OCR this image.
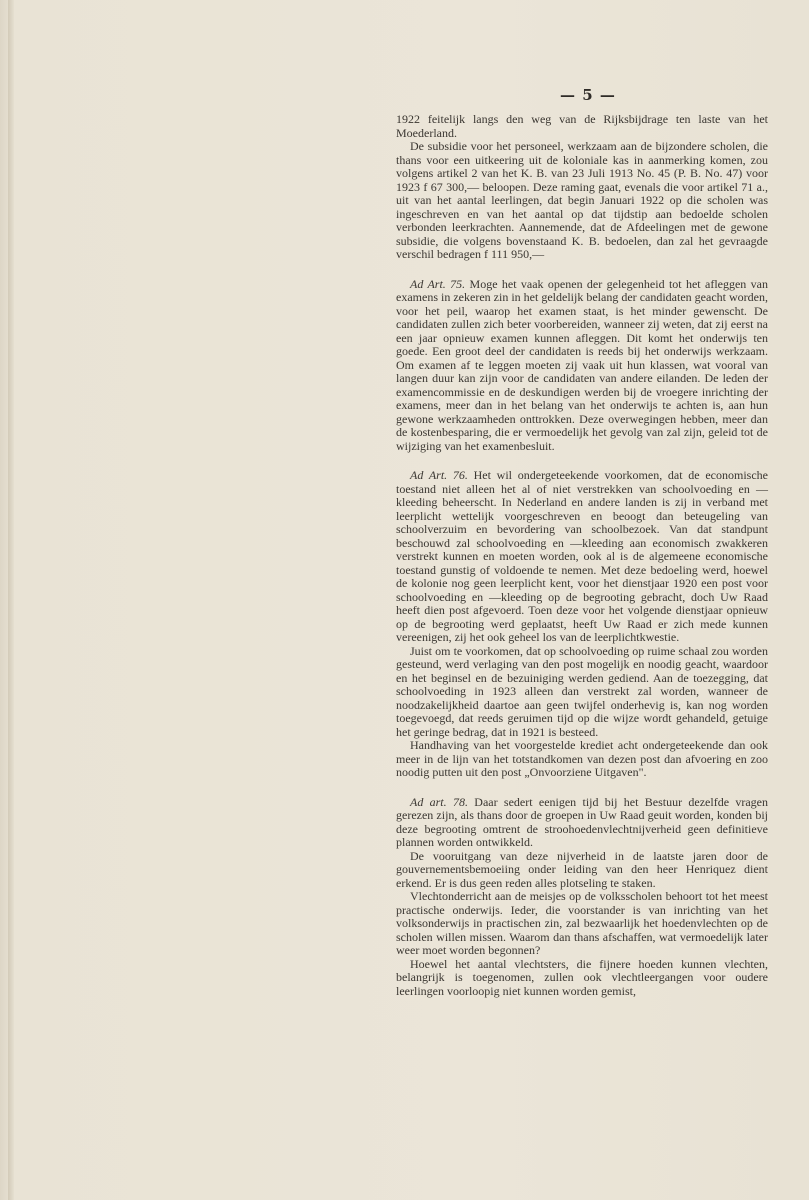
— 5 —

1922 feitelijk langs den weg van de Rijksbijdrage ten laste van het Moederland.

De subsidie voor het personeel, werkzaam aan de bijzondere scholen, die thans voor een uitkeering uit de koloniale kas in aanmerking komen, zou volgens artikel 2 van het K. B. van 23 Juli 1913 No. 45 (P. B. No. 47) voor 1923 f 67 300,— beloopen. Deze raming gaat, evenals die voor artikel 71 a., uit van het aantal leerlingen, dat begin Januari 1922 op die scholen was ingeschreven en van het aantal op dat tijdstip aan bedoelde scholen verbonden leerkrachten. Aannemende, dat de Afdeelingen met de gewone subsidie, die volgens bovenstaand K. B. bedoelen, dan zal het gevraagde verschil bedragen f 111 950,—

Ad Art. 75. Moge het vaak openen der gelegenheid tot het afleggen van examens in zekeren zin in het geldelijk belang der candidaten geacht worden, voor het peil, waarop het examen staat, is het minder gewenscht. De candidaten zullen zich beter voorbereiden, wanneer zij weten, dat zij eerst na een jaar opnieuw examen kunnen afleggen. Dit komt het onderwijs ten goede. Een groot deel der candidaten is reeds bij het onderwijs werkzaam. Om examen af te leggen moeten zij vaak uit hun klassen, wat vooral van langen duur kan zijn voor de candidaten van andere eilanden. De leden der examencommissie en de deskundigen werden bij de vroegere inrichting der examens, meer dan in het belang van het onderwijs te achten is, aan hun gewone werkzaamheden onttrokken. Deze overwegingen hebben, meer dan de kostenbesparing, die er vermoedelijk het gevolg van zal zijn, geleid tot de wijziging van het examenbesluit.

Ad Art. 76. Het wil ondergeteekende voorkomen, dat de economische toestand niet alleen het al of niet verstrekken van schoolvoeding en —kleeding beheerscht. In Nederland en andere landen is zij in verband met leerplicht wettelijk voorgeschreven en beoogt dan beteugeling van schoolverzuim en bevordering van schoolbezoek. Van dat standpunt beschouwd zal schoolvoeding en —kleeding aan economisch zwakkeren verstrekt kunnen en moeten worden, ook al is de algemeene economische toestand gunstig of voldoende te nemen. Met deze bedoeling werd, hoewel de kolonie nog geen leerplicht kent, voor het dienstjaar 1920 een post voor schoolvoeding en —kleeding op de begrooting gebracht, doch Uw Raad heeft dien post afgevoerd. Toen deze voor het volgende dienstjaar opnieuw op de begrooting werd geplaatst, heeft Uw Raad er zich mede kunnen vereenigen, zij het ook geheel los van de leerplichtkwestie.

Juist om te voorkomen, dat op schoolvoeding op ruime schaal zou worden gesteund, werd verlaging van den post mogelijk en noodig geacht, waardoor en het beginsel en de bezuiniging werden gediend. Aan de toezegging, dat schoolvoeding in 1923 alleen dan verstrekt zal worden, wanneer de noodzakelijkheid daartoe aan geen twijfel onderhevig is, kan nog worden toegevoegd, dat reeds geruimen tijd op die wijze wordt gehandeld, getuige het geringe bedrag, dat in 1921 is besteed.

Handhaving van het voorgestelde krediet acht ondergeteekende dan ook meer in de lijn van het totstandkomen van dezen post dan afvoering en zoo noodig putten uit den post „Onvoorziene Uitgaven".

Ad art. 78. Daar sedert eenigen tijd bij het Bestuur dezelfde vragen gerezen zijn, als thans door de groepen in Uw Raad geuit worden, konden bij deze begrooting omtrent de stroohoedenvlechtnijverheid geen definitieve plannen worden ontwikkeld.

De vooruitgang van deze nijverheid in de laatste jaren door de gouvernementsbemoeiing onder leiding van den heer Henriquez dient erkend. Er is dus geen reden alles plotseling te staken.

Vlechtonderricht aan de meisjes op de volksscholen behoort tot het meest practische onderwijs. Ieder, die voorstander is van inrichting van het volksonderwijs in practischen zin, zal bezwaarlijk het hoedenvlechten op de scholen willen missen. Waarom dan thans afschaffen, wat vermoedelijk later weer moet worden begonnen?

Hoewel het aantal vlechtsters, die fijnere hoeden kunnen vlechten, belangrijk is toegenomen, zullen ook vlechtleergangen voor oudere leerlingen voorloopig niet kunnen worden gemist,
